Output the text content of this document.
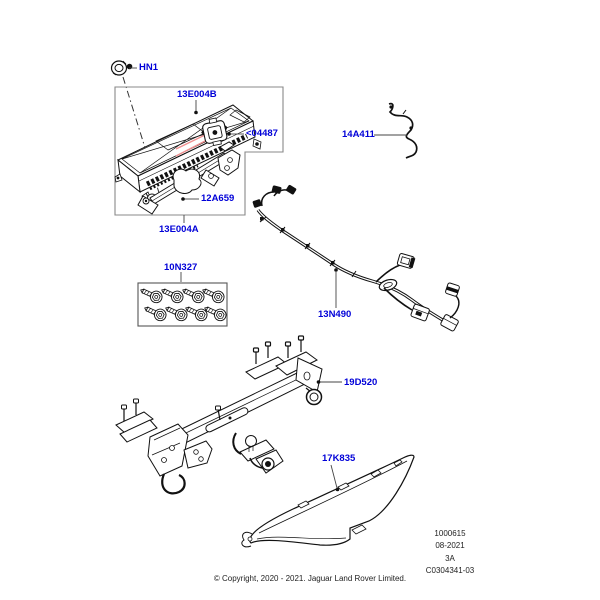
HN1
13E004B
<04487
12A659
13E004A
10N327
14A411
13N490
19D520
17K835
1000615
08-2021
3A
C0304341-03
© Copyright, 2020 - 2021. Jaguar Land Rover Limited.
